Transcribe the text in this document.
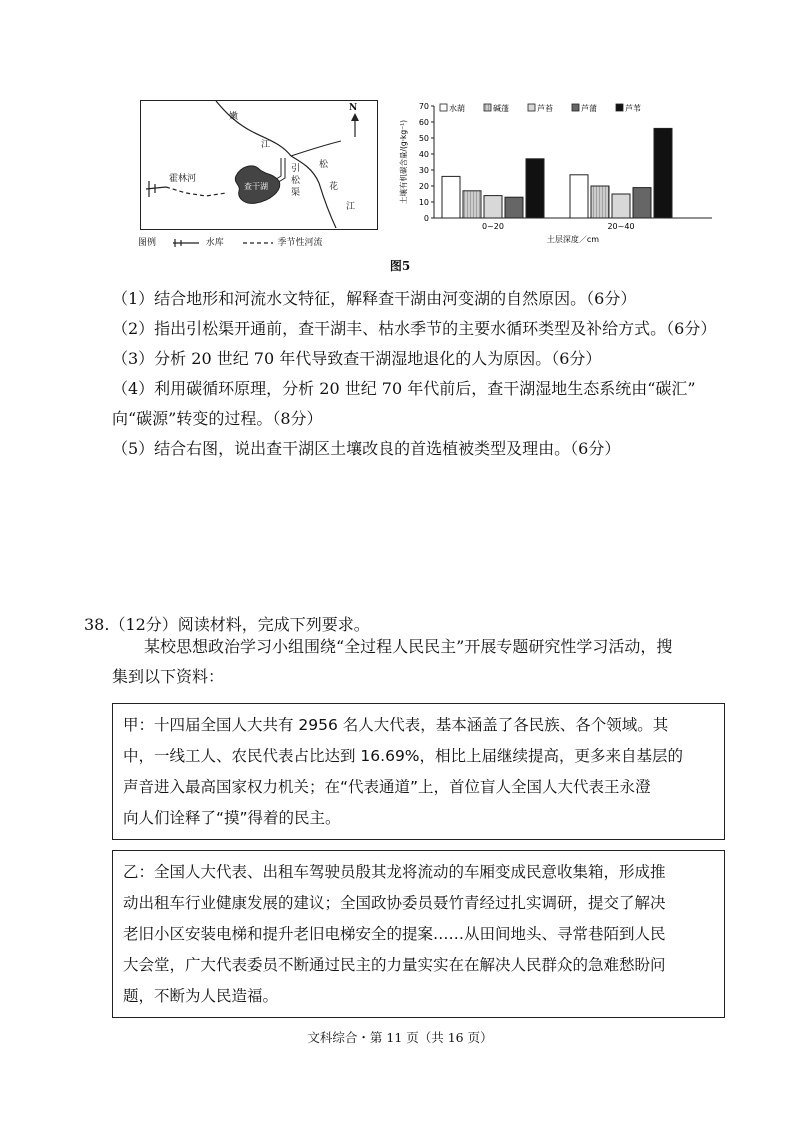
嫩
江
N
霍林河
查干湖
引
松
渠
松
花
江
图例	水库	季节性河流
0
10
20
30
40
50
60
70
土壤有机碳含量/(g·kg⁻¹)
0~20	20~40
土层深度／cm
水葫	碱蓬	芦苔	芦蒲	芦苇
图5
（1）结合地形和河流水文特征，解释查干湖由河变湖的自然原因。（6分）
（2）指出引松渠开通前，查干湖丰、枯水季节的主要水循环类型及补给方式。（6分）
（3）分析 20 世纪 70 年代导致查干湖湿地退化的人为原因。（6分）
（4）利用碳循环原理，分析 20 世纪 70 年代前后，查干湖湿地生态系统由“碳汇”
向“碳源”转变的过程。（8分）
（5）结合右图，说出查干湖区土壤改良的首选植被类型及理由。（6分）
38.（12分）阅读材料，完成下列要求。
某校思想政治学习小组围绕“全过程人民民主”开展专题研究性学习活动，搜
集到以下资料：
甲：十四届全国人大共有 2956 名人大代表，基本涵盖了各民族、各个领域。其
中，一线工人、农民代表占比达到 16.69%，相比上届继续提高，更多来自基层的
声音进入最高国家权力机关；在“代表通道”上，首位盲人全国人大代表王永澄
向人们诠释了“摸”得着的民主。
乙：全国人大代表、出租车驾驶员殷其龙将流动的车厢变成民意收集箱，形成推
动出租车行业健康发展的建议；全国政协委员聂竹青经过扎实调研，提交了解决
老旧小区安装电梯和提升老旧电梯安全的提案……从田间地头、寻常巷陌到人民
大会堂，广大代表委员不断通过民主的力量实实在在解决人民群众的急难愁盼问
题，不断为人民造福。
文科综合・第 11 页（共 16 页）
